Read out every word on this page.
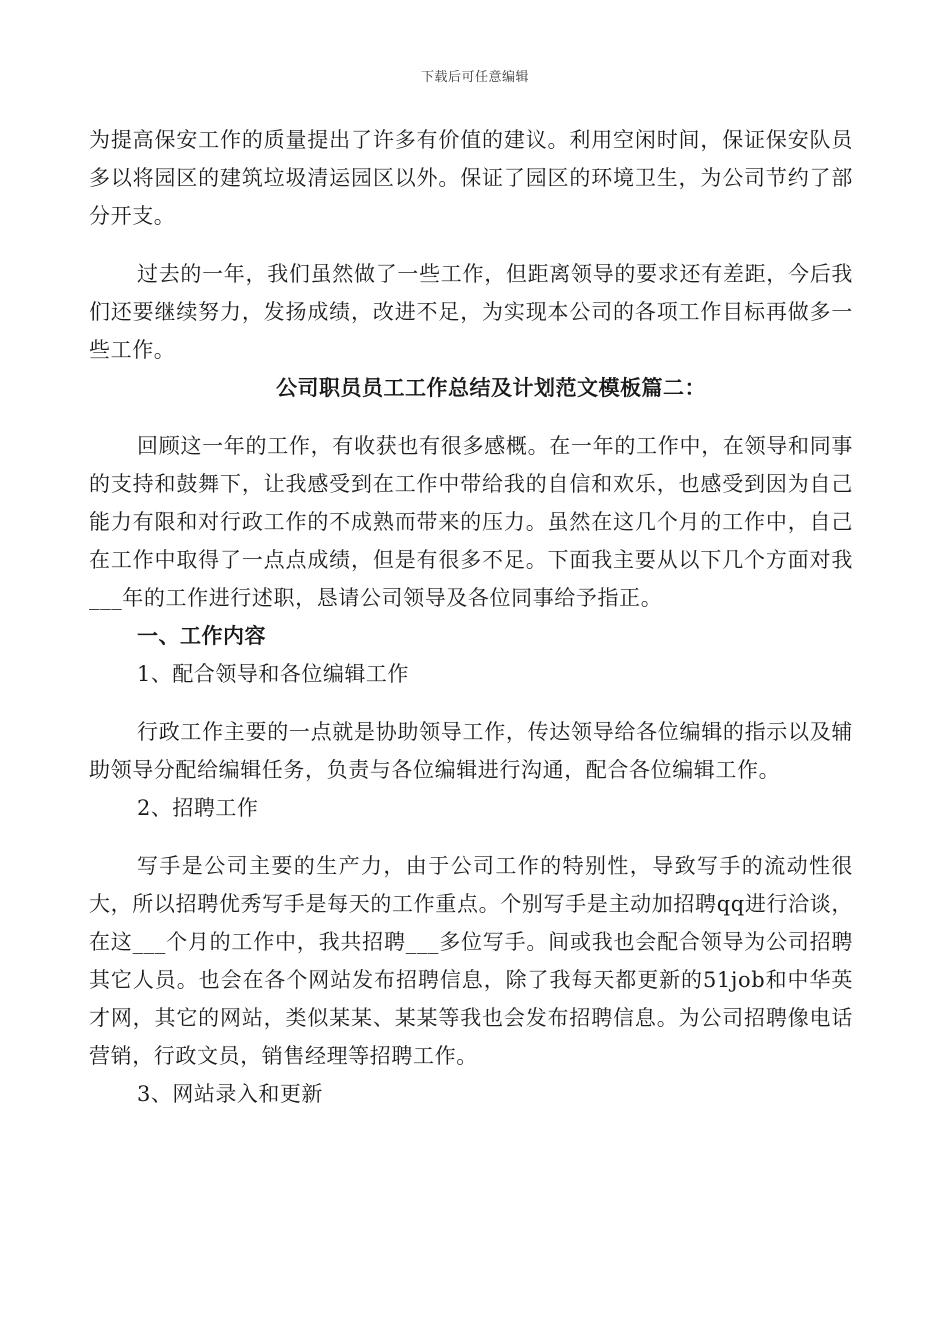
下载后可任意编辑

为提高保安工作的质量提出了许多有价值的建议。利用空闲时间，保证保安队员多以将园区的建筑垃圾清运园区以外。保证了园区的环境卫生，为公司节约了部分开支。

过去的一年，我们虽然做了一些工作，但距离领导的要求还有差距，今后我们还要继续努力，发扬成绩，改进不足，为实现本公司的各项工作目标再做多一些工作。

公司职员员工工作总结及计划范文模板篇二：

回顾这一年的工作，有收获也有很多感概。在一年的工作中，在领导和同事的支持和鼓舞下，让我感受到在工作中带给我的自信和欢乐，也感受到因为自己能力有限和对行政工作的不成熟而带来的压力。虽然在这几个月的工作中，自己在工作中取得了一点点成绩，但是有很多不足。下面我主要从以下几个方面对我___年的工作进行述职，恳请公司领导及各位同事给予指正。

一、工作内容

1、配合领导和各位编辑工作

行政工作主要的一点就是协助领导工作，传达领导给各位编辑的指示以及辅助领导分配给编辑任务，负责与各位编辑进行沟通，配合各位编辑工作。

2、招聘工作

写手是公司主要的生产力，由于公司工作的特别性，导致写手的流动性很大，所以招聘优秀写手是每天的工作重点。个别写手是主动加招聘qq进行洽谈，在这___个月的工作中，我共招聘___多位写手。间或我也会配合领导为公司招聘其它人员。也会在各个网站发布招聘信息，除了我每天都更新的51job和中华英才网，其它的网站，类似某某、某某等我也会发布招聘信息。为公司招聘像电话营销，行政文员，销售经理等招聘工作。

3、网站录入和更新
